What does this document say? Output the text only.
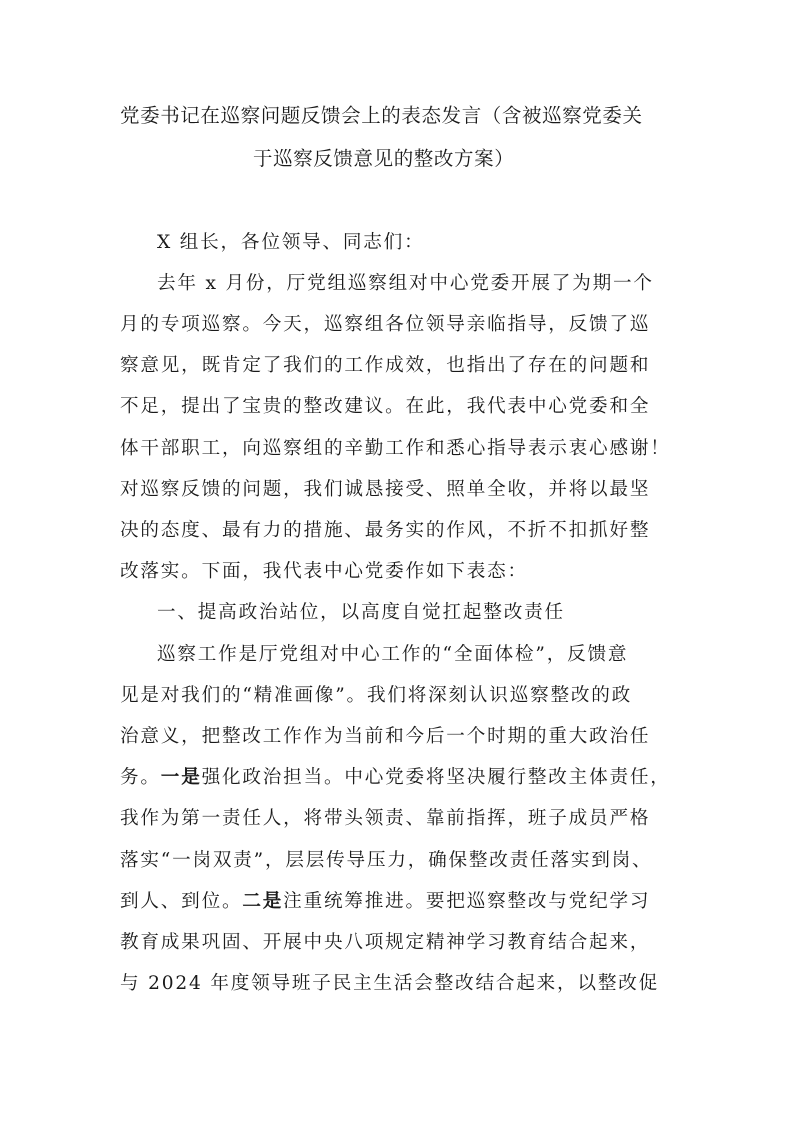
党委书记在巡察问题反馈会上的表态发言（含被巡察党委关
于巡察反馈意见的整改方案）
X 组长，各位领导、同志们：
去年 x 月份，厅党组巡察组对中心党委开展了为期一个
月的专项巡察。今天，巡察组各位领导亲临指导，反馈了巡
察意见，既肯定了我们的工作成效，也指出了存在的问题和
不足，提出了宝贵的整改建议。在此，我代表中心党委和全
体干部职工，向巡察组的辛勤工作和悉心指导表示衷心感谢！
对巡察反馈的问题，我们诚恳接受、照单全收，并将以最坚
决的态度、最有力的措施、最务实的作风，不折不扣抓好整
改落实。下面，我代表中心党委作如下表态：
一、提高政治站位，以高度自觉扛起整改责任
巡察工作是厅党组对中心工作的“全面体检”，反馈意
见是对我们的“精准画像”。我们将深刻认识巡察整改的政
治意义，把整改工作作为当前和今后一个时期的重大政治任
务。一是强化政治担当。中心党委将坚决履行整改主体责任，
我作为第一责任人，将带头领责、靠前指挥，班子成员严格
落实“一岗双责”，层层传导压力，确保整改责任落实到岗、
到人、到位。二是注重统筹推进。要把巡察整改与党纪学习
教育成果巩固、开展中央八项规定精神学习教育结合起来，
与 2024 年度领导班子民主生活会整改结合起来，以整改促
